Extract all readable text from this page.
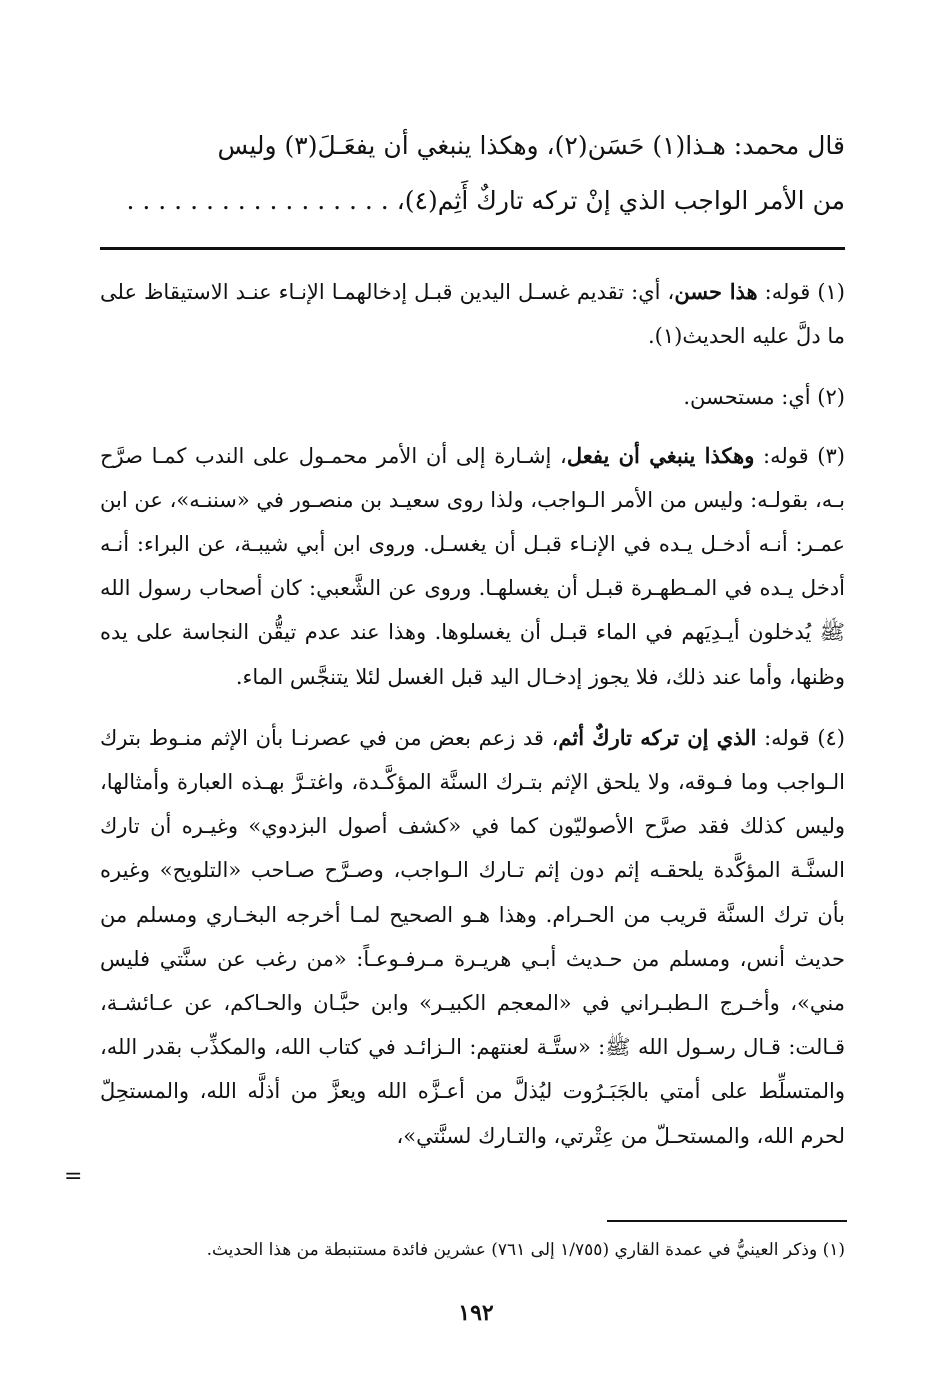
قال محمد: هـذا(١) حَسَن(٢)، وهكذا ينبغي أن يفعَـلَ(٣) وليس

من الأمر الواجب الذي إنْ تركه تاركٌ أَثِم(٤)، . . . . . . . . . . . . . . . . .

(١) قوله: هذا حسن، أي: تقديم غسـل اليدين قبـل إدخالهمـا الإنـاء عنـد الاستيقاظ على ما دلَّ عليه الحديث(١).

(٢) أي: مستحسن.

(٣) قوله: وهكذا ينبغي أن يفعل، إشـارة إلى أن الأمر محمـول على الندب كمـا صرَّح بـه، بقولـه: وليس من الأمر الـواجب، ولذا روى سعيـد بن منصـور في «سننـه»، عن ابن عمـر: أنـه أدخـل يـده في الإنـاء قبـل أن يغسـل. وروى ابن أبي شيبـة، عن البراء: أنـه أدخل يـده في المـطهـرة قبـل أن يغسلهـا. وروى عن الشَّعبي: كان أصحاب رسول الله ﷺ يُدخلون أيـدِيَهم في الماء قبـل أن يغسلوها. وهذا عند عدم تيقُّن النجاسة على يده وظنها، وأما عند ذلك، فلا يجوز إدخـال اليد قبل الغسل لئلا يتنجَّس الماء.

(٤) قوله: الذي إن تركه تاركٌ أثم، قد زعم بعض من في عصرنـا بأن الإثم منـوط بترك الـواجب وما فـوقه، ولا يلحق الإثم بتـرك السنَّة المؤكَّـدة، واغتـرَّ بهـذه العبارة وأمثالها، وليس كذلك فقد صرَّح الأصوليّون كما في «كشف أصول البزدوي» وغيـره أن تارك السنَّـة المؤكَّدة يلحقـه إثم دون إثم تـارك الـواجب، وصـرَّح صـاحب «التلويح» وغيره بأن ترك السنَّة قريب من الحـرام. وهذا هـو الصحيح لمـا أخرجه البخـاري ومسلم من حديث أنس، ومسلم من حـديث أبـي هريـرة مـرفـوعـاً: «من رغب عن سنَّتي فليس مني»، وأخـرج الـطبـراني في «المعجم الكبيـر» وابن حبَّـان والحـاكم، عن عـائشـة، قـالت: قـال رسـول الله ﷺ: «ستَّـة لعنتهم: الـزائـد في كتاب الله، والمكذِّب بقدر الله، والمتسلِّط على أمتي بالجَبَـرُوت ليُذلَّ من أعـزَّه الله ويعزَّ من أذلَّه الله، والمستحِلّ لحرم الله، والمستحـلّ من عِتْرتي، والتـارك لسنَّتي»،

=
(١) وذكر العينيُّ في عمدة القاري (١/٧٥٥ إلى ٧٦١) عشرين فائدة مستنبطة من هذا الحديث.
١٩٢
